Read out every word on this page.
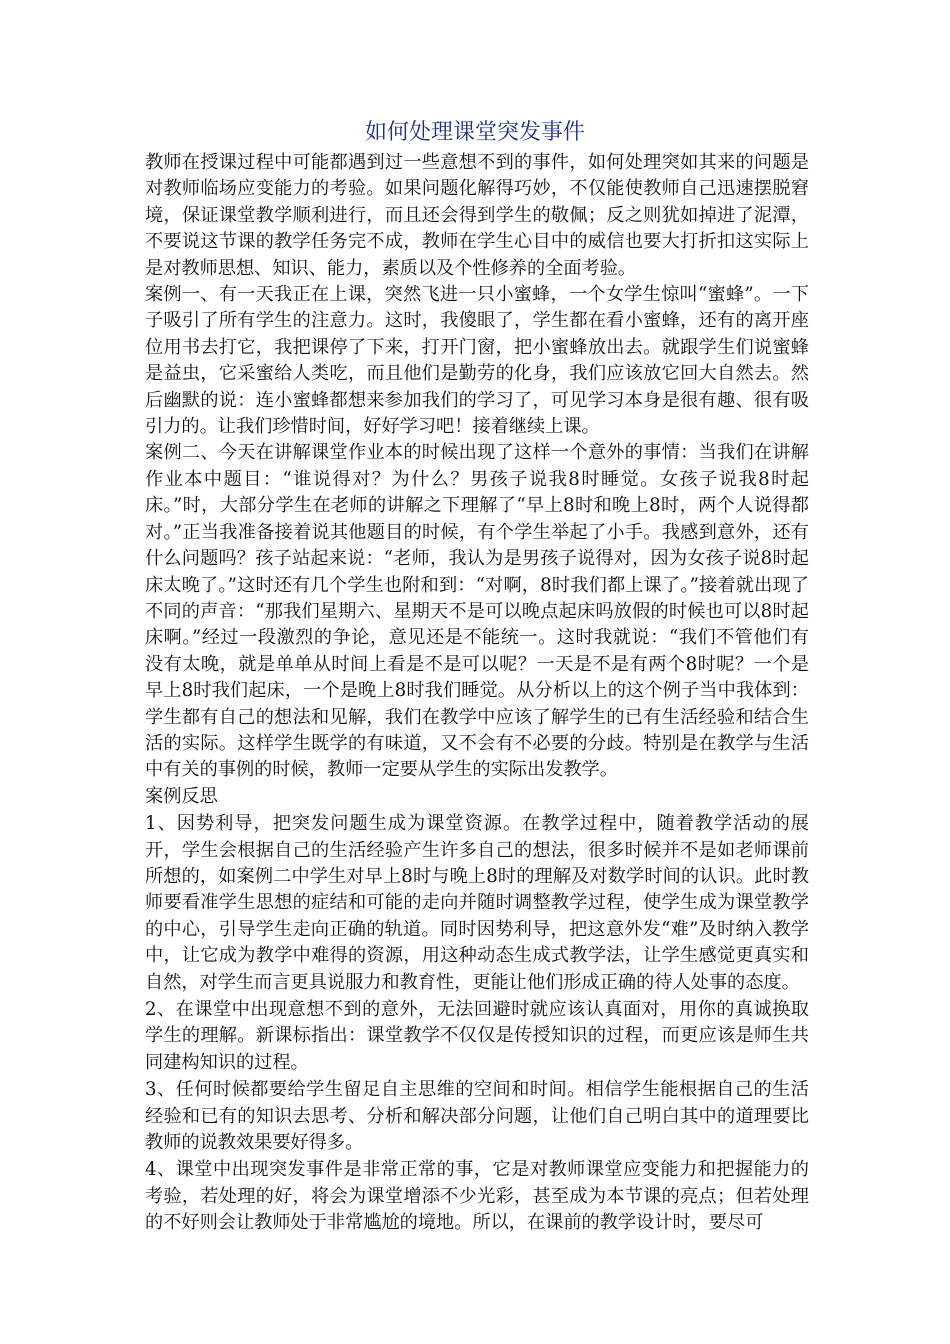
如何处理课堂突发事件

教师在授课过程中可能都遇到过一些意想不到的事件，如何处理突如其来的问题是对教师临场应变能力的考验。如果问题化解得巧妙，不仅能使教师自己迅速摆脱窘境，保证课堂教学顺利进行，而且还会得到学生的敬佩；反之则犹如掉进了泥潭，不要说这节课的教学任务完不成，教师在学生心目中的威信也要大打折扣这实际上是对教师思想、知识、能力，素质以及个性修养的全面考验。

案例一、有一天我正在上课，突然飞进一只小蜜蜂，一个女学生惊叫“蜜蜂”。一下子吸引了所有学生的注意力。这时，我傻眼了，学生都在看小蜜蜂，还有的离开座位用书去打它，我把课停了下来，打开门窗，把小蜜蜂放出去。就跟学生们说蜜蜂是益虫，它采蜜给人类吃，而且他们是勤劳的化身，我们应该放它回大自然去。然后幽默的说：连小蜜蜂都想来参加我们的学习了，可见学习本身是很有趣、很有吸引力的。让我们珍惜时间，好好学习吧！接着继续上课。

案例二、今天在讲解课堂作业本的时候出现了这样一个意外的事情：当我们在讲解作业本中题目：“谁说得对？为什么？男孩子说我8时睡觉。女孩子说我8时起床。”时，大部分学生在老师的讲解之下理解了“早上8时和晚上8时，两个人说得都对。”正当我准备接着说其他题目的时候，有个学生举起了小手。我感到意外，还有什么问题吗？孩子站起来说：“老师，我认为是男孩子说得对，因为女孩子说8时起床太晚了。”这时还有几个学生也附和到：“对啊，8时我们都上课了。”接着就出现了不同的声音：“那我们星期六、星期天不是可以晚点起床吗放假的时候也可以8时起床啊。”经过一段激烈的争论，意见还是不能统一。这时我就说：“我们不管他们有没有太晚，就是单单从时间上看是不是可以呢？一天是不是有两个8时呢？一个是早上8时我们起床，一个是晚上8时我们睡觉。从分析以上的这个例子当中我体到：学生都有自己的想法和见解，我们在教学中应该了解学生的已有生活经验和结合生活的实际。这样学生既学的有味道，又不会有不必要的分歧。特别是在教学与生活中有关的事例的时候，教师一定要从学生的实际出发教学。

案例反思

1、因势利导，把突发问题生成为课堂资源。在教学过程中，随着教学活动的展开，学生会根据自己的生活经验产生许多自己的想法，很多时候并不是如老师课前所想的，如案例二中学生对早上8时与晚上8时的理解及对数学时间的认识。此时教师要看准学生思想的症结和可能的走向并随时调整教学过程，使学生成为课堂教学的中心，引导学生走向正确的轨道。同时因势利导，把这意外发“难”及时纳入教学中，让它成为教学中难得的资源，用这种动态生成式教学法，让学生感觉更真实和自然，对学生而言更具说服力和教育性，更能让他们形成正确的待人处事的态度。

2、在课堂中出现意想不到的意外，无法回避时就应该认真面对，用你的真诚换取学生的理解。新课标指出：课堂教学不仅仅是传授知识的过程，而更应该是师生共同建构知识的过程。

3、任何时候都要给学生留足自主思维的空间和时间。相信学生能根据自己的生活经验和已有的知识去思考、分析和解决部分问题，让他们自己明白其中的道理要比教师的说教效果要好得多。

4、课堂中出现突发事件是非常正常的事，它是对教师课堂应变能力和把握能力的考验，若处理的好，将会为课堂增添不少光彩，甚至成为本节课的亮点；但若处理的不好则会让教师处于非常尴尬的境地。所以，在课前的教学设计时，要尽可
